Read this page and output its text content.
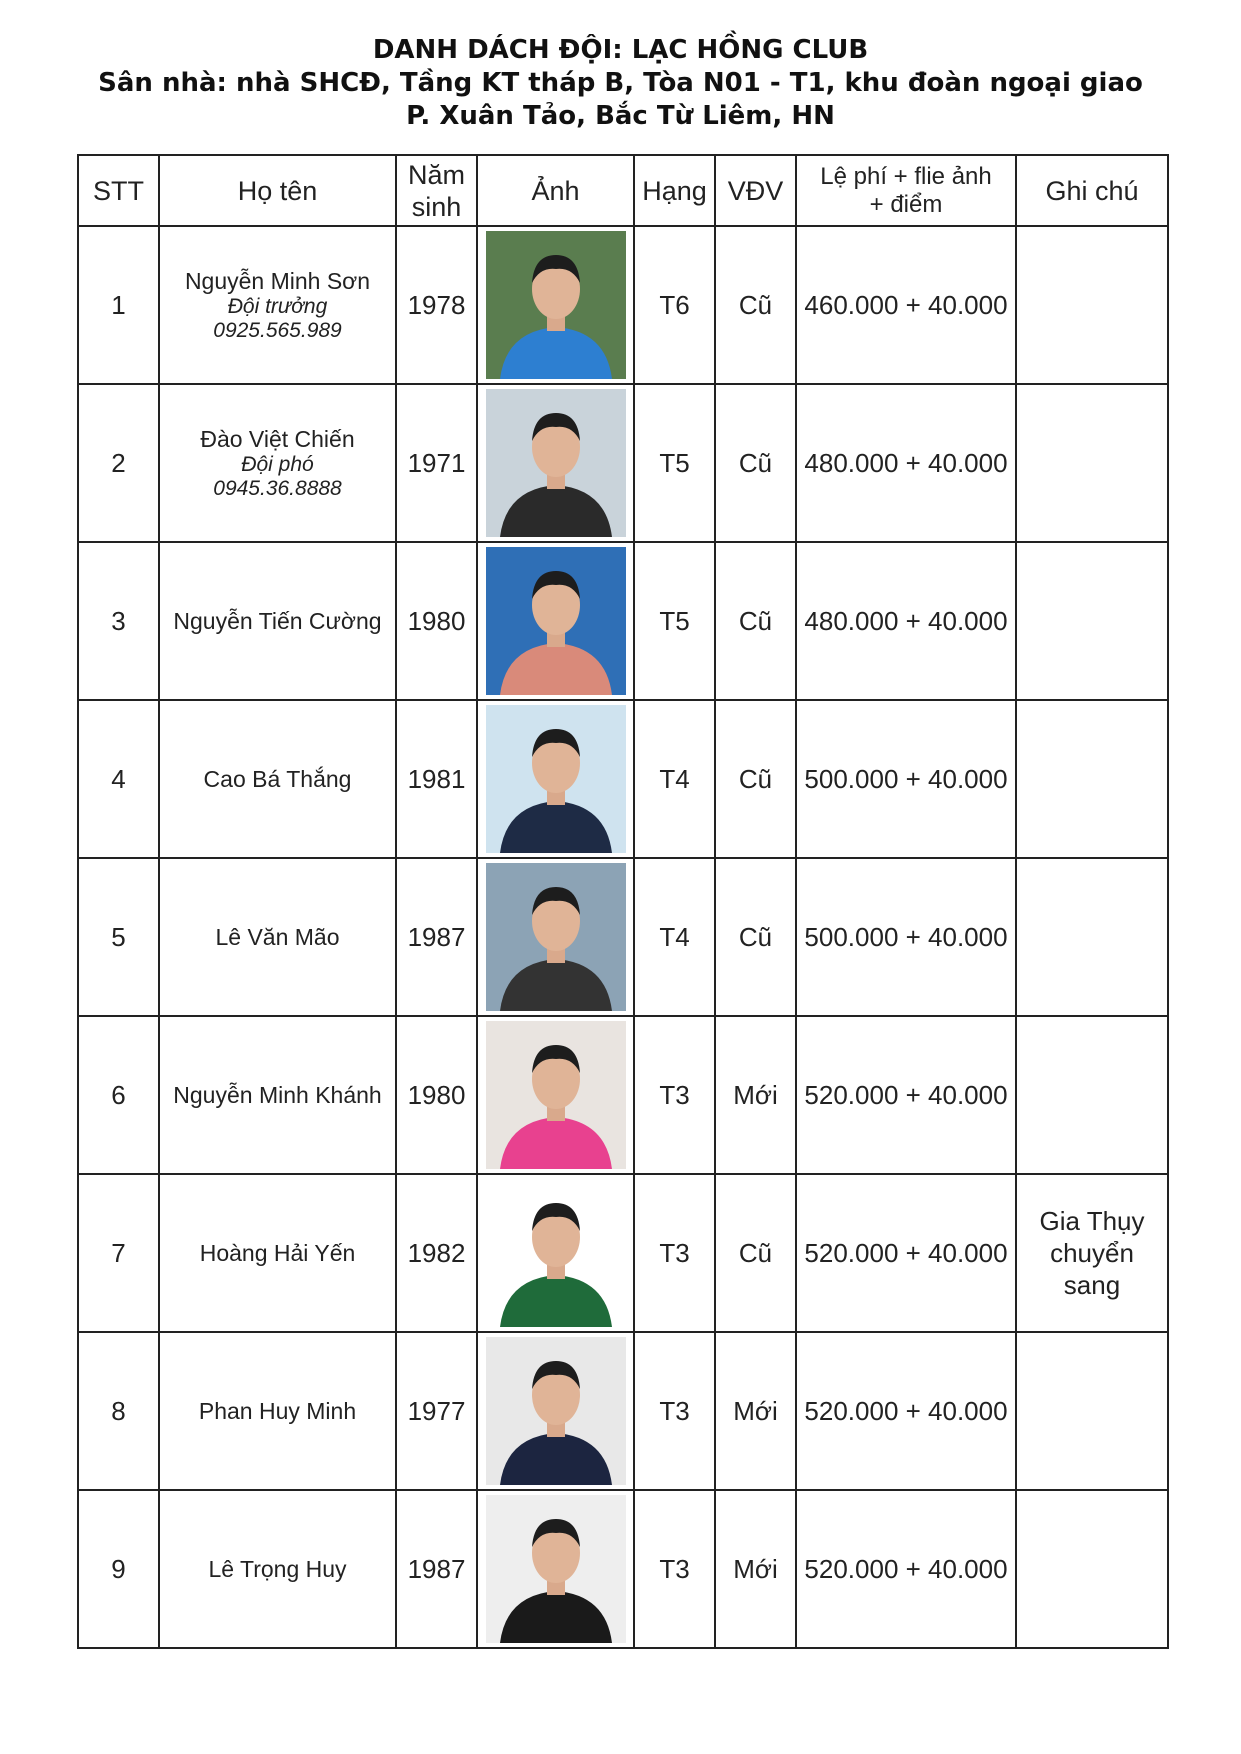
DANH DÁCH ĐỘI: LẠC HỒNG CLUB
Sân nhà: nhà SHCĐ, Tầng KT tháp B, Tòa N01 - T1, khu đoàn ngoại giao
P. Xuân Tảo, Bắc Từ Liêm, HN
STT	Họ tên	Năm
sinh	Ảnh	Hạng	VĐV	Lệ phí + flie ảnh
+ điểm	Ghi chú
1	Nguyễn Minh Sơn
Đội trưởng
0925.565.989	1978		T6	Cũ	460.000 + 40.000	
2	Đào Việt Chiến
Đội phó
0945.36.8888	1971		T5	Cũ	480.000 + 40.000	
3	Nguyễn Tiến Cường	1980		T5	Cũ	480.000 + 40.000	
4	Cao Bá Thắng	1981		T4	Cũ	500.000 + 40.000	
5	Lê Văn Mão	1987		T4	Cũ	500.000 + 40.000	
6	Nguyễn Minh Khánh	1980		T3	Mới	520.000 + 40.000	
7	Hoàng Hải Yến	1982		T3	Cũ	520.000 + 40.000	Gia Thụy
chuyển
sang
8	Phan Huy Minh	1977		T3	Mới	520.000 + 40.000	
9	Lê Trọng Huy	1987		T3	Mới	520.000 + 40.000	
